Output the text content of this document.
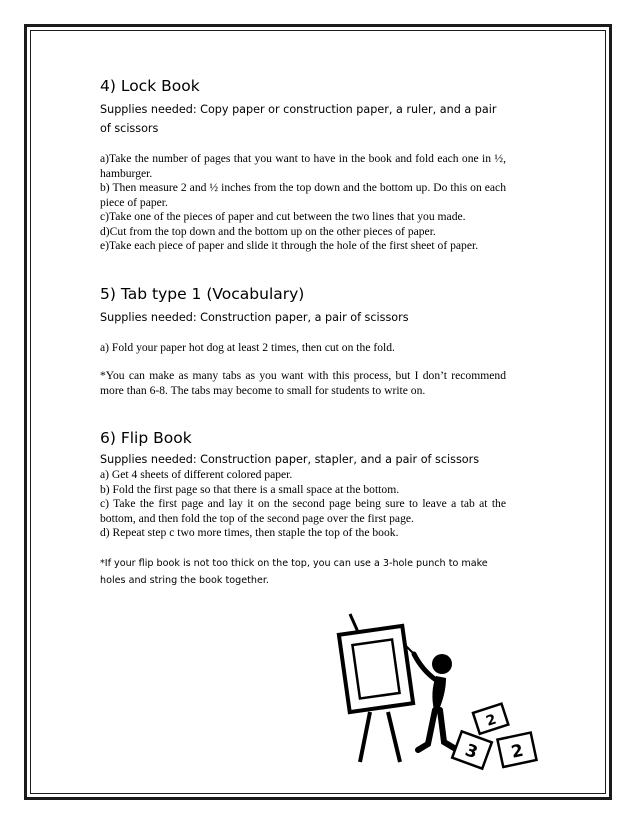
4) Lock Book

Supplies needed: Copy paper or construction paper, a ruler, and a pair of scissors

a)Take the number of pages that you want to have in the book and fold each one in ½, hamburger.

b) Then measure 2 and ½ inches from the top down and the bottom up. Do this on each piece of paper.

c)Take one of the pieces of paper and cut between the two lines that you made.

d)Cut from the top down and the bottom up on the other pieces of paper.

e)Take each piece of paper and slide it through the hole of the first sheet of paper.

5) Tab type 1 (Vocabulary)

Supplies needed: Construction paper, a pair of scissors

a) Fold your paper hot dog at least 2 times, then cut on the fold.

*You can make as many tabs as you want with this process, but I don’t recommend more than 6-8. The tabs may become to small for students to write on.

6) Flip Book

Supplies needed: Construction paper, stapler, and a pair of scissors

a) Get 4 sheets of different colored paper.

b) Fold the first page so that there is a small space at the bottom.

c) Take the first page and lay it on the second page being sure to leave a tab at the bottom, and then fold the top of the second page over the first page.

d) Repeat step c two more times, then staple the top of the book.

*If your flip book is not too thick on the top, you can use a 3-hole punch to make holes and string the book together.

2
3 2
